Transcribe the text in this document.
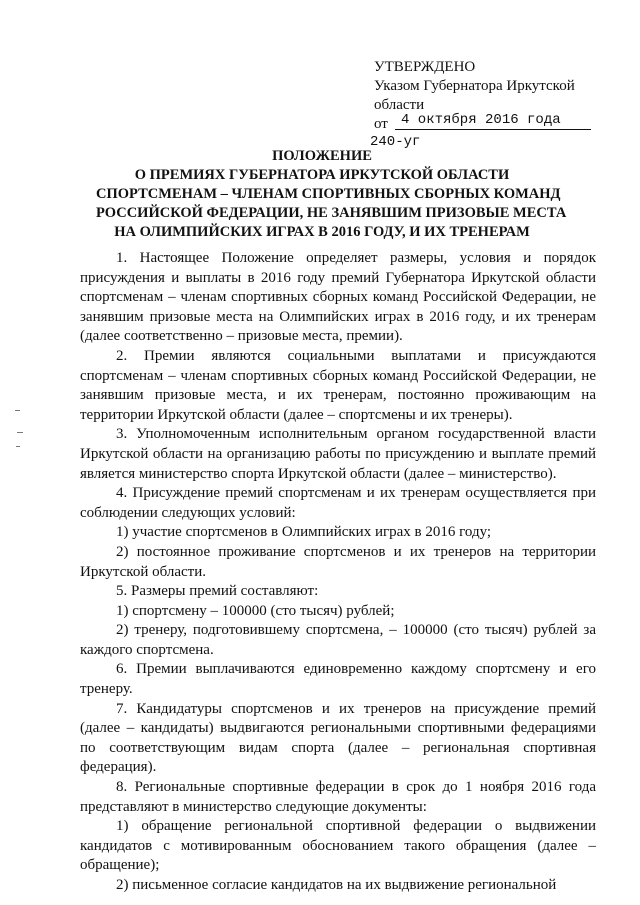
УТВЕРЖДЕНО
Указом Губернатора Иркутской
области
от 4 октября 2016 года
240-уг
ПОЛОЖЕНИЕ
О ПРЕМИЯХ ГУБЕРНАТОРА ИРКУТСКОЙ ОБЛАСТИ
СПОРТСМЕНАМ – ЧЛЕНАМ СПОРТИВНЫХ СБОРНЫХ КОМАНД
РОССИЙСКОЙ ФЕДЕРАЦИИ, НЕ ЗАНЯВШИМ ПРИЗОВЫЕ МЕСТА
НА ОЛИМПИЙСКИХ ИГРАХ В 2016 ГОДУ, И ИХ ТРЕНЕРАМ

1. Настоящее Положение определяет размеры, условия и порядок присуждения и выплаты в 2016 году премий Губернатора Иркутской области спортсменам – членам спортивных сборных команд Российской Федерации, не занявшим призовые места на Олимпийских играх в 2016 году, и их тренерам (далее соответственно – призовые места, премии).

2. Премии являются социальными выплатами и присуждаются спортсменам – членам спортивных сборных команд Российской Федерации, не занявшим призовые места, и их тренерам, постоянно проживающим на территории Иркутской области (далее – спортсмены и их тренеры).

3. Уполномоченным исполнительным органом государственной власти Иркутской области на организацию работы по присуждению и выплате премий является министерство спорта Иркутской области (далее – министерство).

4. Присуждение премий спортсменам и их тренерам осуществляется при соблюдении следующих условий:

1) участие спортсменов в Олимпийских играх в 2016 году;

2) постоянное проживание спортсменов и их тренеров на территории Иркутской области.

5. Размеры премий составляют:

1) спортсмену – 100000 (сто тысяч) рублей;

2) тренеру, подготовившему спортсмена, – 100000 (сто тысяч) рублей за каждого спортсмена.

6. Премии выплачиваются единовременно каждому спортсмену и его тренеру.

7. Кандидатуры спортсменов и их тренеров на присуждение премий (далее – кандидаты) выдвигаются региональными спортивными федерациями по соответствующим видам спорта (далее – региональная спортивная федерация).

8. Региональные спортивные федерации в срок до 1 ноября 2016 года представляют в министерство следующие документы:

1) обращение региональной спортивной федерации о выдвижении кандидатов с мотивированным обоснованием такого обращения (далее – обращение);

2) письменное согласие кандидатов на их выдвижение региональной
